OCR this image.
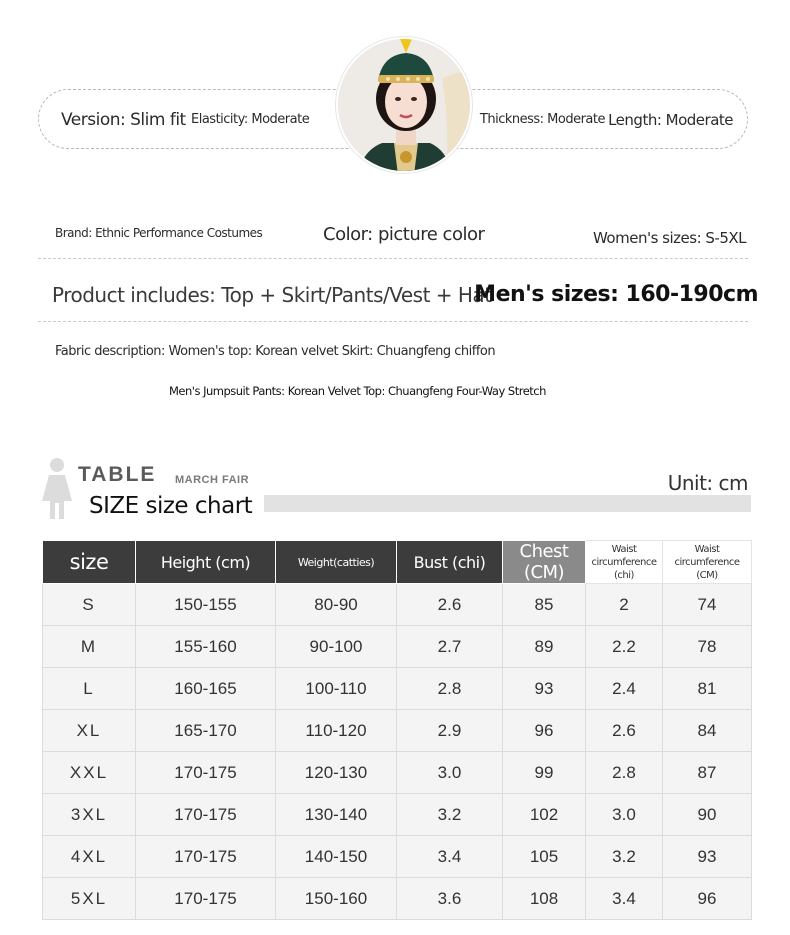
Version: Slim fit Elasticity: Moderate	Thickness: Moderate Length: Moderate
Brand: Ethnic Performance Costumes	Color: picture color	Women's sizes: S-5XL
Product includes: Top + Skirt/Pants/Vest + Hat
Men's sizes: 160-190cm
Fabric description: Women's top: Korean velvet Skirt: Chuangfeng chiffon
Men's Jumpsuit Pants: Korean Velvet Top: Chuangfeng Four-Way Stretch
TABLE MARCH FAIR
SIZE size chart
Unit: cm
size	Height (cm)	Weight(catties)	Bust (chi)	Chest (CM)	Waist circumference (chi)	Waist circumference (CM)
S	150-155	80-90	2.6	85	2	74
M	155-160	90-100	2.7	89	2.2	78
L	160-165	100-110	2.8	93	2.4	81
XL	165-170	110-120	2.9	96	2.6	84
XXL	170-175	120-130	3.0	99	2.8	87
3XL	170-175	130-140	3.2	102	3.0	90
4XL	170-175	140-150	3.4	105	3.2	93
5XL	170-175	150-160	3.6	108	3.4	96
